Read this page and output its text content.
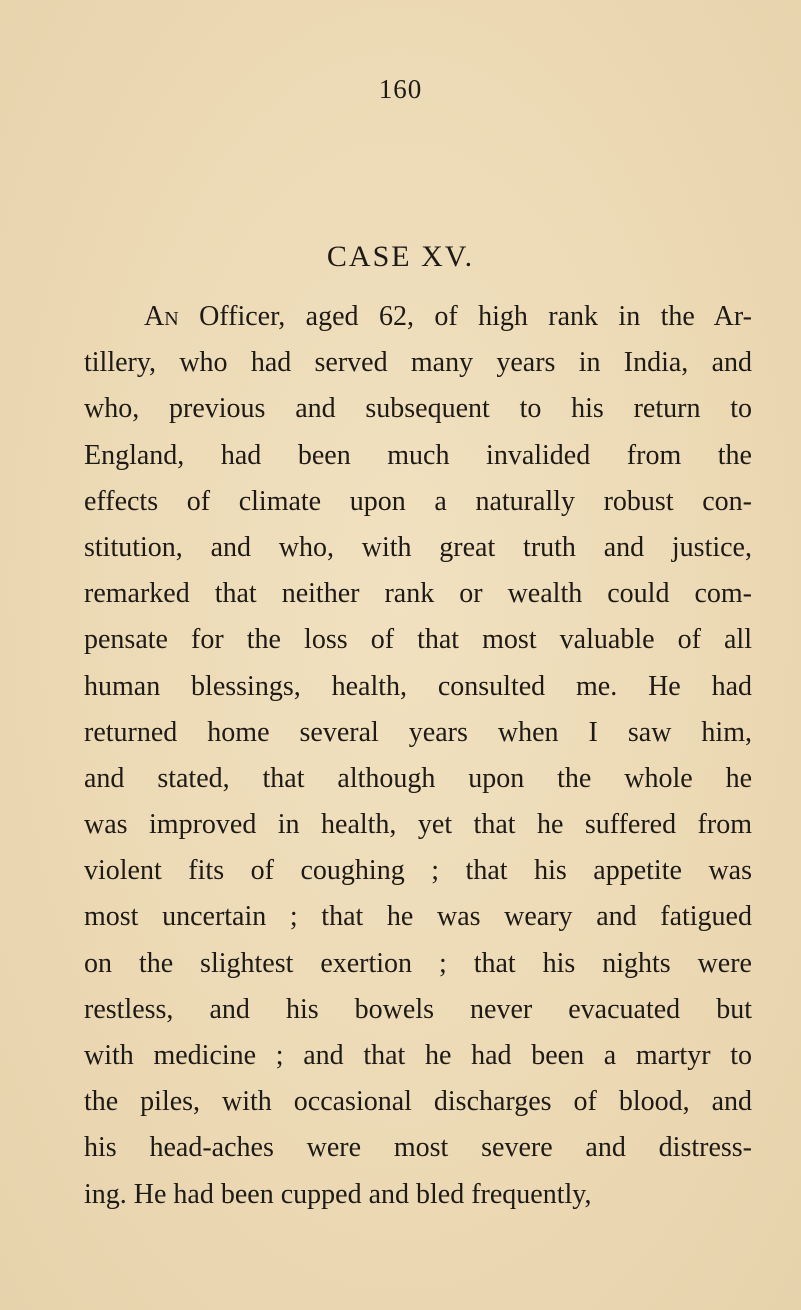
160
CASE XV.
An Officer, aged 62, of high rank in the Ar-
tillery, who had served many years in India, and
who, previous and subsequent to his return to
England, had been much invalided from the
effects of climate upon a naturally robust con-
stitution, and who, with great truth and justice,
remarked that neither rank or wealth could com-
pensate for the loss of that most valuable of all
human blessings, health, consulted me. He had
returned home several years when I saw him,
and stated, that although upon the whole he
was improved in health, yet that he suffered from
violent fits of coughing ; that his appetite was
most uncertain ; that he was weary and fatigued
on the slightest exertion ; that his nights were
restless, and his bowels never evacuated but
with medicine ; and that he had been a martyr to
the piles, with occasional discharges of blood, and
his head-aches were most severe and distress-
ing. He had been cupped and bled frequently,
